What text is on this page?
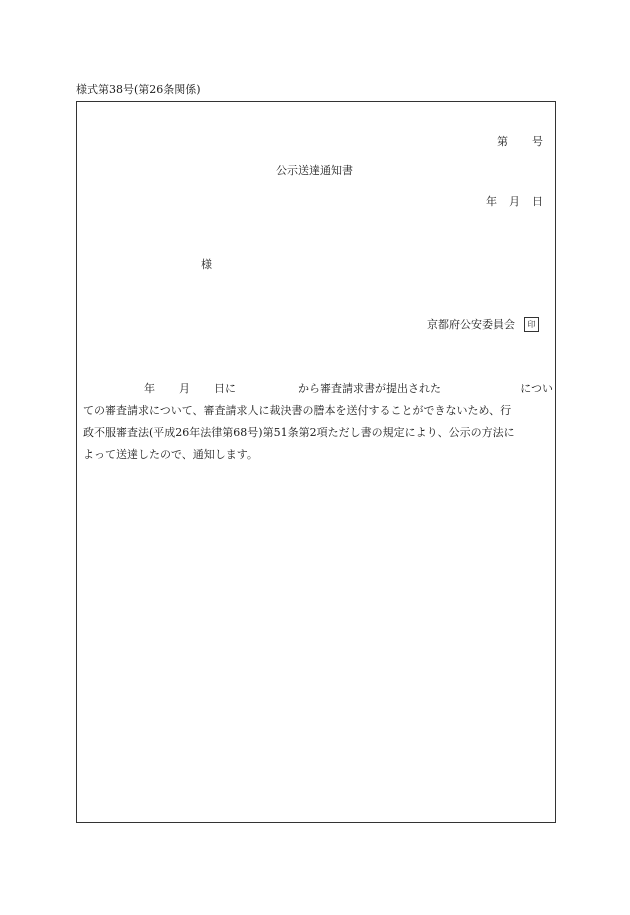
様式第38号(第26条関係)
第 号
公示送達通知書
年 月 日
様
京都府公安委員会	印
年 月 日に	から審査請求書が提出された	につい
ての審査請求について、審査請求人に裁決書の謄本を送付することができないため、行
政不服審査法(平成26年法律第68号)第51条第2項ただし書の規定により、公示の方法に
よって送達したので、通知します。
